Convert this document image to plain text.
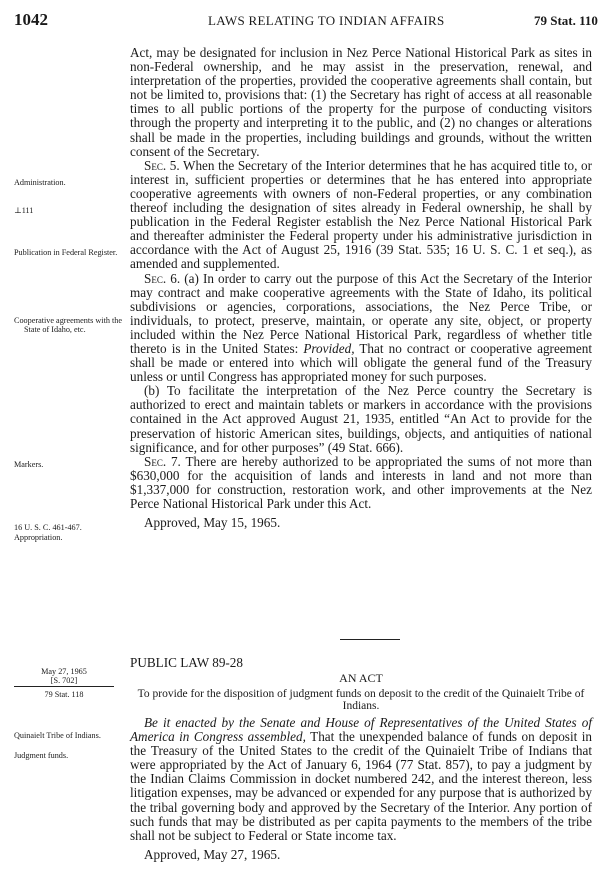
1042	LAWS RELATING TO INDIAN AFFAIRS	79 Stat. 110

Act, may be designated for inclusion in Nez Perce National Historical Park as sites in non-Federal ownership, and he may assist in the preservation, renewal, and interpretation of the properties, provided the cooperative agreements shall contain, but not be limited to, provisions that: (1) the Secretary has right of access at all reasonable times to all public portions of the property for the purpose of conducting visitors through the property and interpreting it to the public, and (2) no changes or alterations shall be made in the properties, including buildings and grounds, without the written consent of the Secretary.

Sec. 5. When the Secretary of the Interior determines that he has acquired title to, or interest in, sufficient properties or determines that he has entered into appropriate cooperative agreements with owners of non-Federal properties, or any combination thereof including the designation of sites already in Federal ownership, he shall by publication in the Federal Register establish the Nez Perce National Historical Park and thereafter administer the Federal property under his administrative jurisdiction in accordance with the Act of August 25, 1916 (39 Stat. 535; 16 U. S. C. 1 et seq.), as amended and supplemented.

Sec. 6. (a) In order to carry out the purpose of this Act the Secretary of the Interior may contract and make cooperative agreements with the State of Idaho, its political subdivisions or agencies, corporations, associations, the Nez Perce Tribe, or individuals, to protect, preserve, maintain, or operate any site, object, or property included within the Nez Perce National Historical Park, regardless of whether title thereto is in the United States: Provided, That no contract or cooperative agreement shall be made or entered into which will obligate the general fund of the Treasury unless or until Congress has appropriated money for such purposes.

(b) To facilitate the interpretation of the Nez Perce country the Secretary is authorized to erect and maintain tablets or markers in accordance with the provisions contained in the Act approved August 21, 1935, entitled “An Act to provide for the preservation of historic American sites, buildings, objects, and antiquities of national significance, and for other purposes” (49 Stat. 666).

Sec. 7. There are hereby authorized to be appropriated the sums of not more than $630,000 for the acquisition of lands and interests in land and not more than $1,337,000 for construction, restoration work, and other improvements at the Nez Perce National Historical Park under this Act.

Approved, May 15, 1965.

PUBLIC LAW 89-28

AN ACT

To provide for the disposition of judgment funds on deposit to the credit of the Quinaielt Tribe of Indians.

Be it enacted by the Senate and House of Representatives of the United States of America in Congress assembled, That the unexpended balance of funds on deposit in the Treasury of the United States to the credit of the Quinaielt Tribe of Indians that were appropriated by the Act of January 6, 1964 (77 Stat. 857), to pay a judgment by the Indian Claims Commission in docket numbered 242, and the interest thereon, less litigation expenses, may be advanced or expended for any purpose that is authorized by the tribal governing body and approved by the Secretary of the Interior. Any portion of such funds that may be distributed as per capita payments to the members of the tribe shall not be subject to Federal or State income tax.

Approved, May 27, 1965.

Administration.
⊥111
Publication in Federal Register.
Cooperative agreements with the State of Idaho, etc.
Markers.
16 U. S. C. 461-467.
Appropriation.
May 27, 1965
[S. 702]
79 Stat. 118
Quinaielt Tribe of Indians.
Judgment funds.
